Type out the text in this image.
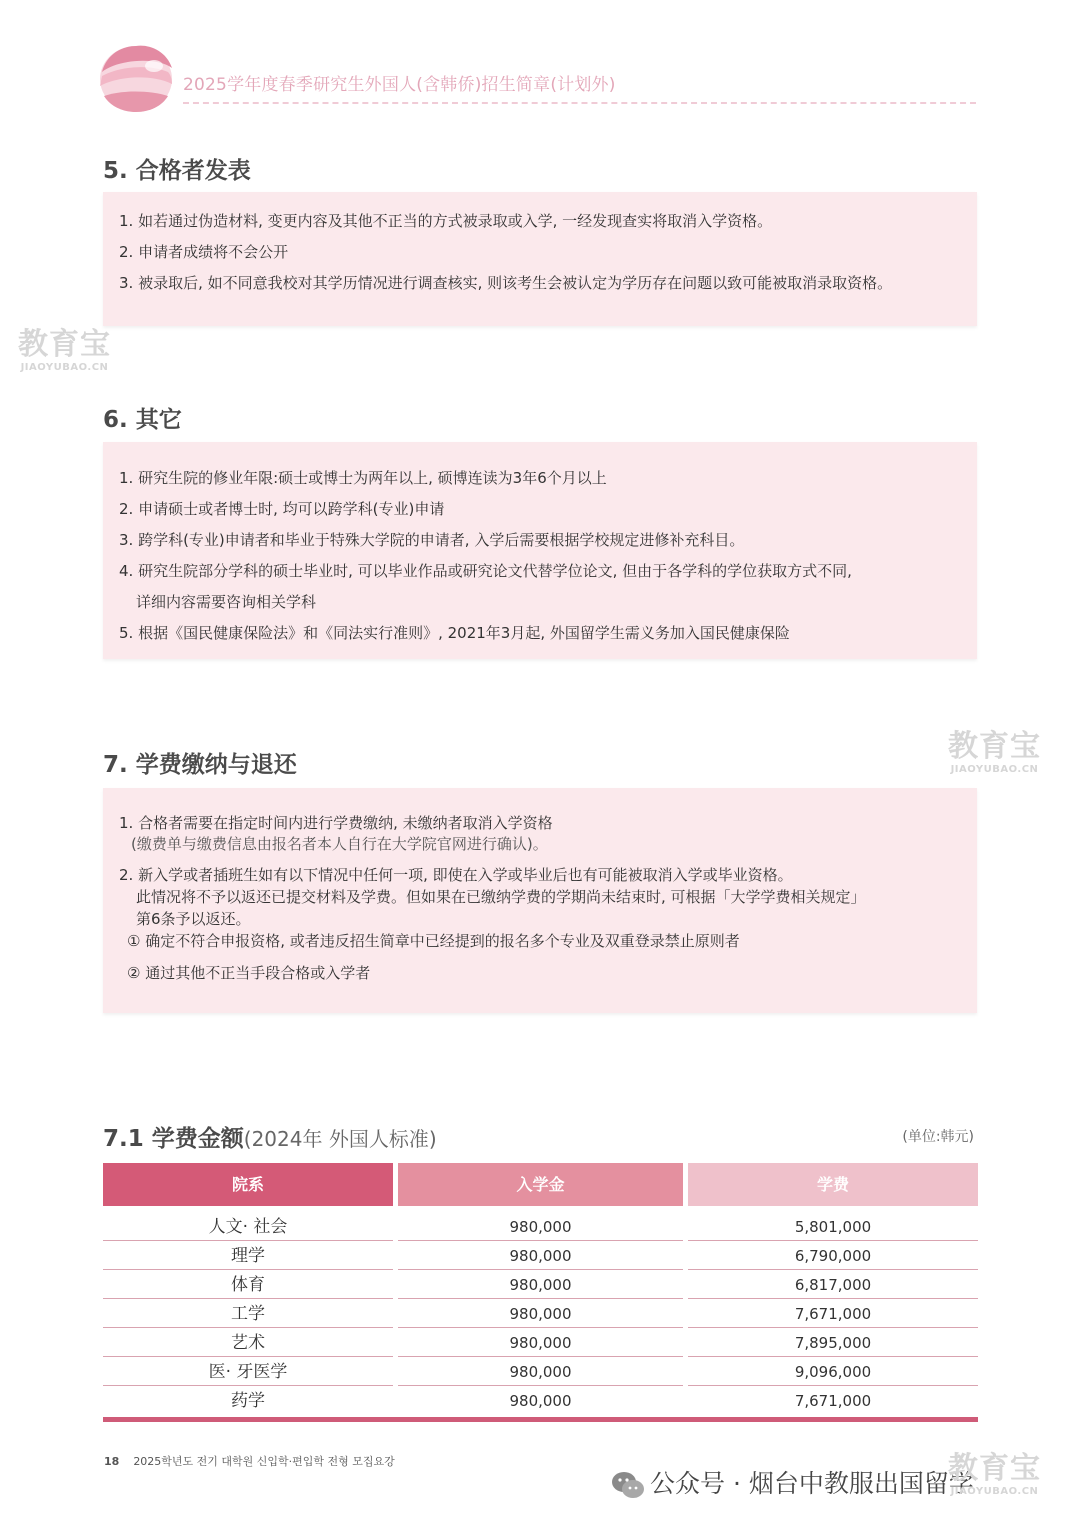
2025学年度春季研究生外国人(含韩侨)招生简章(计划外)
5. 合格者发表
1. 如若通过伪造材料, 变更内容及其他不正当的方式被录取或入学, 一经发现查实将取消入学资格。
2. 申请者成绩将不会公开
3. 被录取后, 如不同意我校对其学历情况进行调查核实, 则该考生会被认定为学历存在问题以致可能被取消录取资格。
教育宝
JIAOYUBAO.CN
6. 其它
1. 研究生院的修业年限:硕士或博士为两年以上, 硕博连读为3年6个月以上
2. 申请硕士或者博士时, 均可以跨学科(专业)申请
3. 跨学科(专业)申请者和毕业于特殊大学院的申请者, 入学后需要根据学校规定进修补充科目。
4. 研究生院部分学科的硕士毕业时, 可以毕业作品或研究论文代替学位论文, 但由于各学科的学位获取方式不同,
详细内容需要咨询相关学科
5. 根据《国民健康保险法》和《同法实行准则》, 2021年3月起, 外国留学生需义务加入国民健康保险
教育宝
JIAOYUBAO.CN
7. 学费缴纳与退还
1. 合格者需要在指定时间内进行学费缴纳, 未缴纳者取消入学资格
(缴费单与缴费信息由报名者本人自行在大学院官网进行确认)。
2. 新入学或者插班生如有以下情况中任何一项, 即使在入学或毕业后也有可能被取消入学或毕业资格。
此情况将不予以返还已提交材料及学费。但如果在已缴纳学费的学期尚未结束时, 可根据「大学学费相关规定」
第6条予以返还。
① 确定不符合申报资格, 或者违反招生简章中已经提到的报名多个专业及双重登录禁止原则者
② 通过其他不正当手段合格或入学者
7.1 学费金额(2024年 外国人标准)	(单位:韩元)
院系	入学金	学费
人文· 社会	980,000	5,801,000
理学	980,000	6,790,000
体育	980,000	6,817,000
工学	980,000	7,671,000
艺术	980,000	7,895,000
医· 牙医学	980,000	9,096,000
药学	980,000	7,671,000
18 2025학년도 전기 대학원 신입학·편입학 전형 모집요강
公众号 · 烟台中教服出国留学
教育宝
JIAOYUBAO.CN
